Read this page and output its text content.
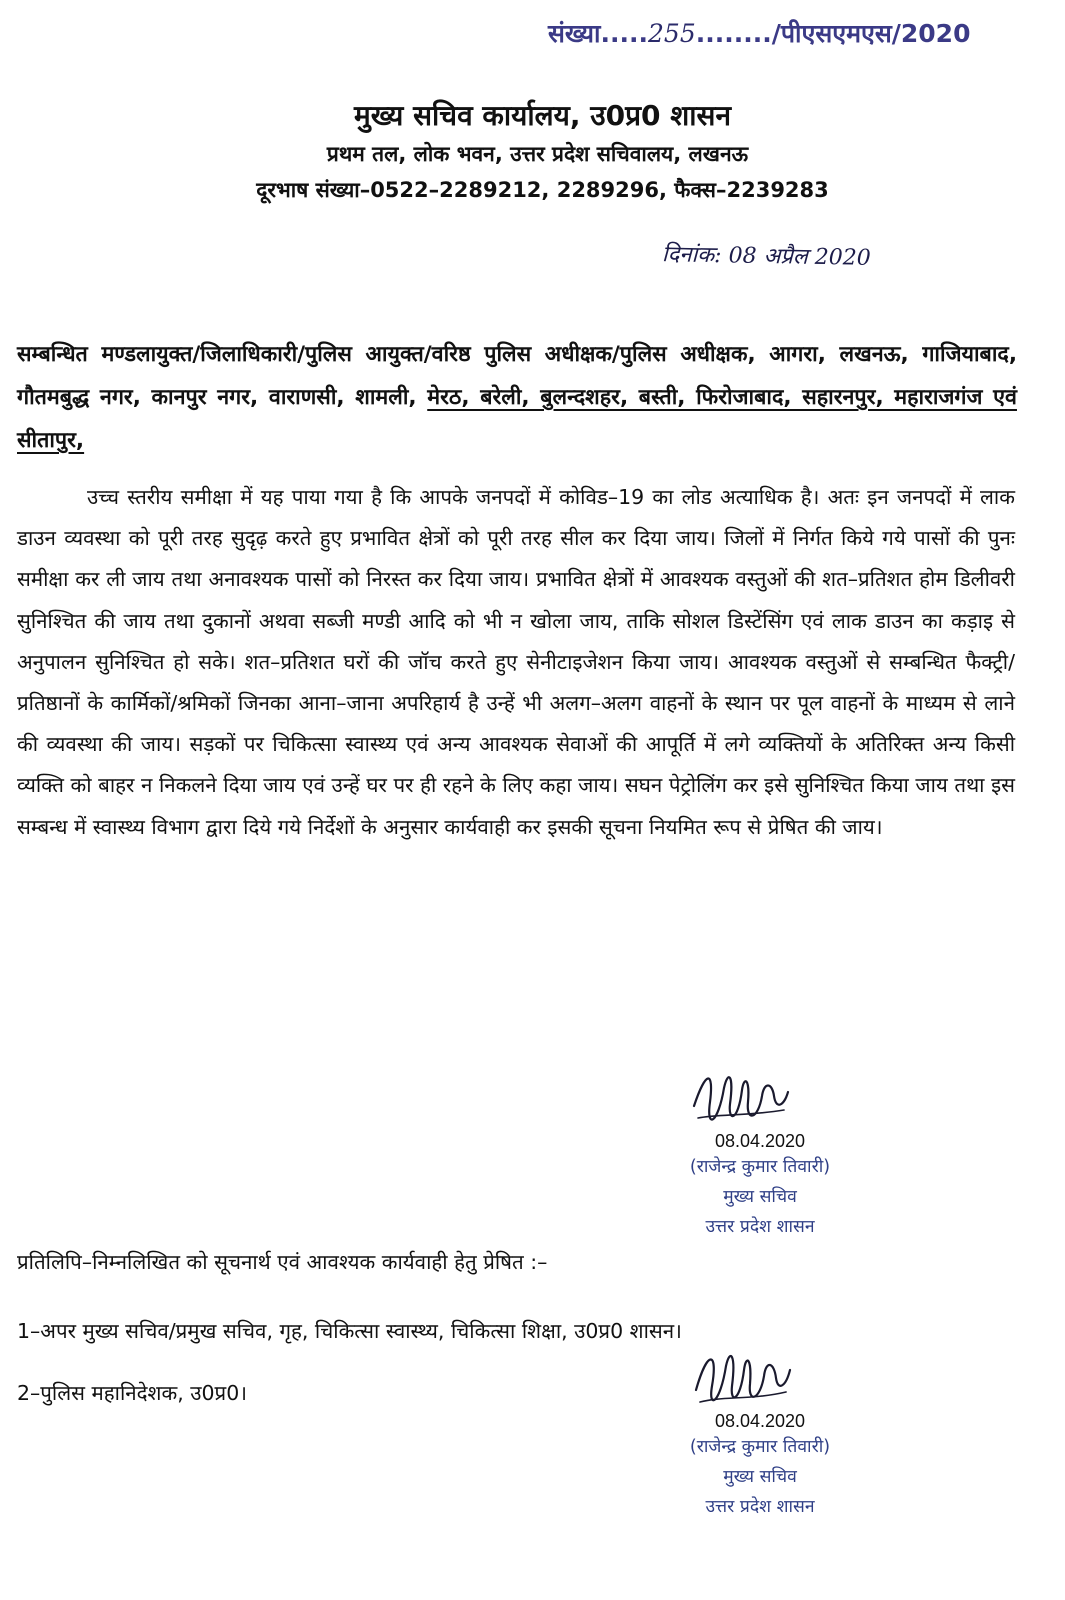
संख्या.....255......../पीएसएमएस/2020
मुख्य सचिव कार्यालय, उ0प्र0 शासन
प्रथम तल, लोक भवन, उत्तर प्रदेश सचिवालय, लखनऊ
दूरभाष संख्या–0522–2289212, 2289296, फैक्स–2239283
दिनांक: 08 अप्रैल 2020
सम्बन्धित मण्डलायुक्त/जिलाधिकारी/पुलिस आयुक्त/वरिष्ठ पुलिस अधीक्षक/पुलिस अधीक्षक, आगरा, लखनऊ, गाजियाबाद, गौतमबुद्ध नगर, कानपुर नगर, वाराणसी, शामली, मेरठ, बरेली, बुलन्दशहर, बस्ती, फिरोजाबाद, सहारनपुर, महाराजगंज एवं सीतापुर,

उच्च स्तरीय समीक्षा में यह पाया गया है कि आपके जनपदों में कोविड–19 का लोड अत्याधिक है। अतः इन जनपदों में लाक डाउन व्यवस्था को पूरी तरह सुदृढ़ करते हुए प्रभावित क्षेत्रों को पूरी तरह सील कर दिया जाय। जिलों में निर्गत किये गये पासों की पुनः समीक्षा कर ली जाय तथा अनावश्यक पासों को निरस्त कर दिया जाय। प्रभावित क्षेत्रों में आवश्यक वस्तुओं की शत–प्रतिशत होम डिलीवरी सुनिश्चित की जाय तथा दुकानों अथवा सब्जी मण्डी आदि को भी न खोला जाय, ताकि सोशल डिस्टेंसिंग एवं लाक डाउन का कड़ाइ से अनुपालन सुनिश्चित हो सके। शत–प्रतिशत घरों की जॉच करते हुए सेनीटाइजेशन किया जाय। आवश्यक वस्तुओं से सम्बन्धित फैक्ट्री/प्रतिष्ठानों के कार्मिकों/श्रमिकों जिनका आना–जाना अपरिहार्य है उन्हें भी अलग–अलग वाहनों के स्थान पर पूल वाहनों के माध्यम से लाने की व्यवस्था की जाय। सड़कों पर चिकित्सा स्वास्थ्य एवं अन्य आवश्यक सेवाओं की आपूर्ति में लगे व्यक्तियों के अतिरिक्त अन्य किसी व्यक्ति को बाहर न निकलने दिया जाय एवं उन्हें घर पर ही रहने के लिए कहा जाय। सघन पेट्रोलिंग कर इसे सुनिश्चित किया जाय तथा इस सम्बन्ध में स्वास्थ्य विभाग द्वारा दिये गये निर्देशों के अनुसार कार्यवाही कर इसकी सूचना नियमित रूप से प्रेषित की जाय।

08.04.2020
(राजेन्द्र कुमार तिवारी)
मुख्य सचिव
उत्तर प्रदेश शासन
प्रतिलिपि–निम्नलिखित को सूचनार्थ एवं आवश्यक कार्यवाही हेतु प्रेषित :–
1–अपर मुख्य सचिव/प्रमुख सचिव, गृह, चिकित्सा स्वास्थ्य, चिकित्सा शिक्षा, उ0प्र0 शासन।
2–पुलिस महानिदेशक, उ0प्र0।
08.04.2020
(राजेन्द्र कुमार तिवारी)
मुख्य सचिव
उत्तर प्रदेश शासन
